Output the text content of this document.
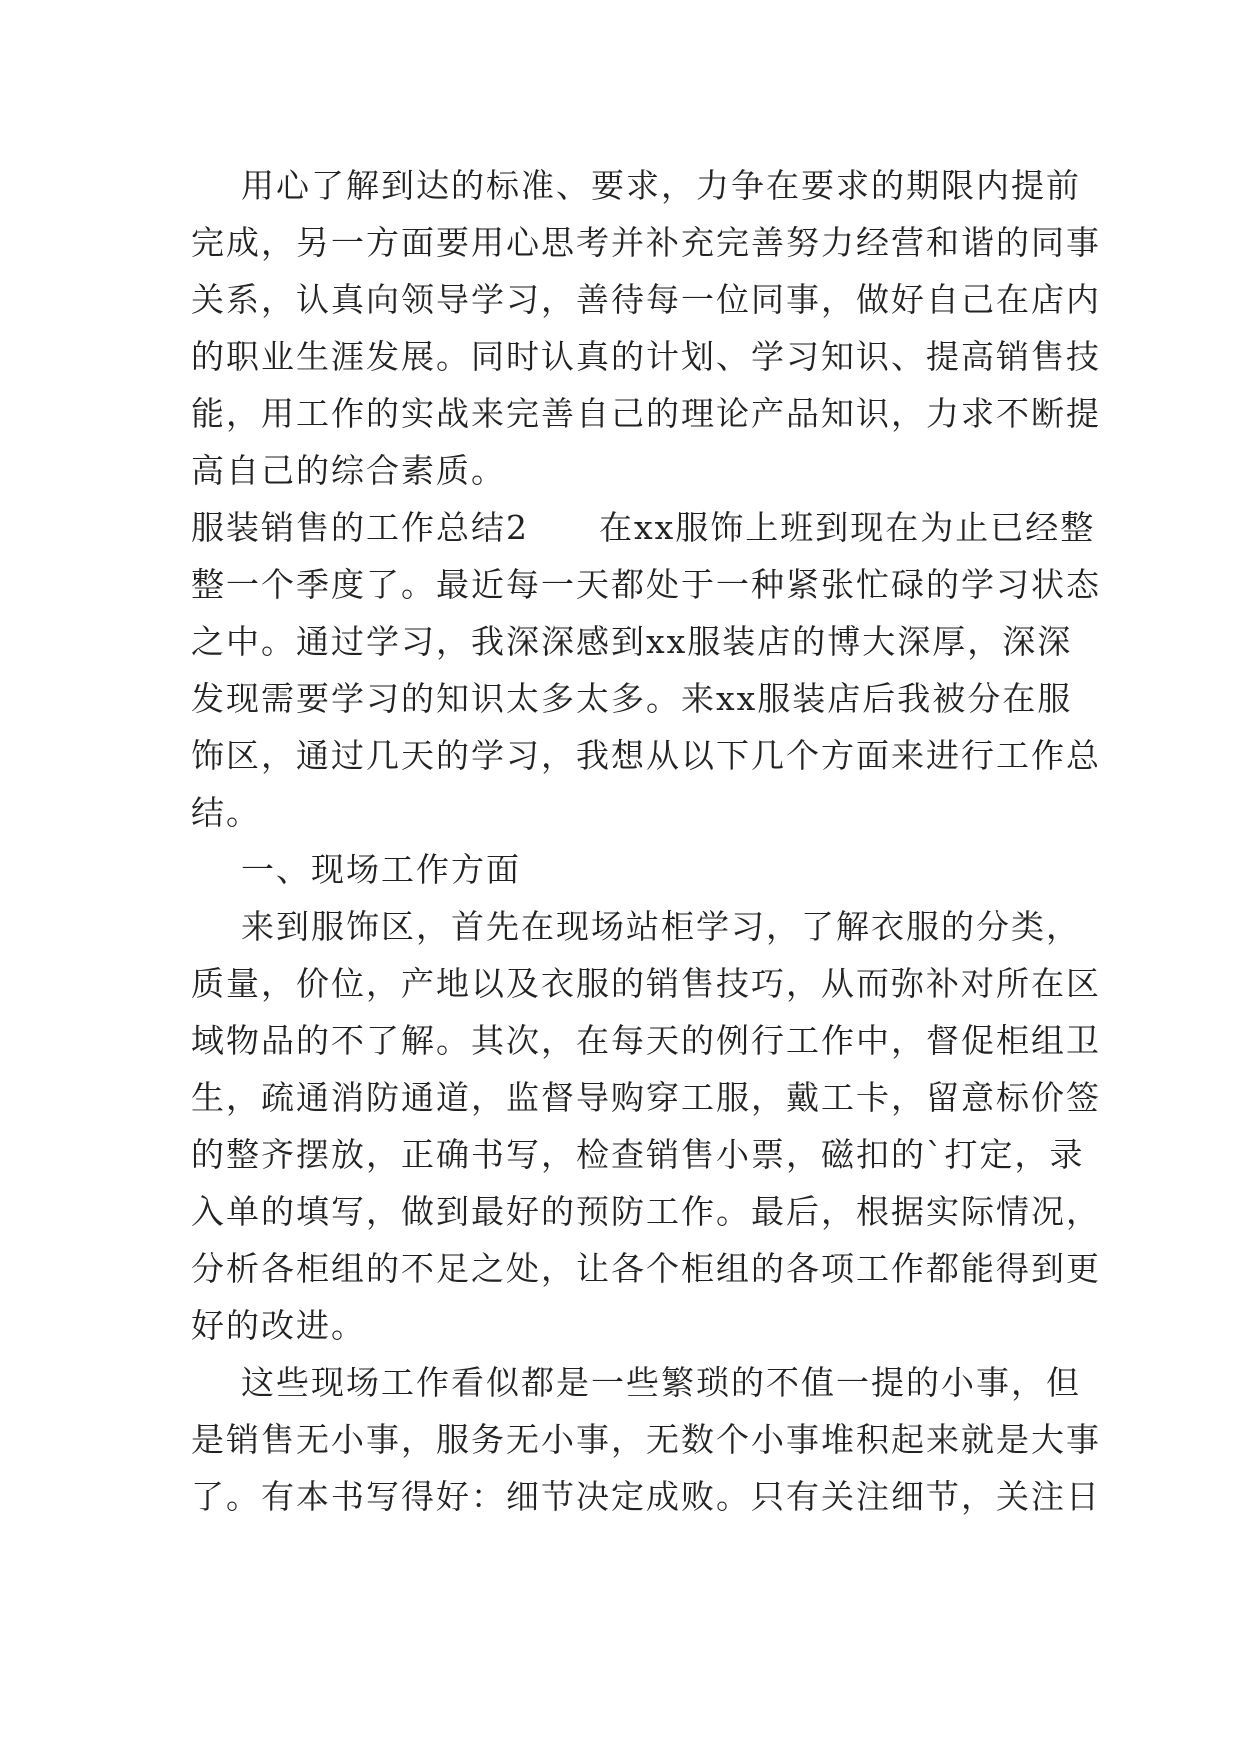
用心了解到达的标准、要求，力争在要求的期限内提前
完成，另一方面要用心思考并补充完善努力经营和谐的同事
关系，认真向领导学习，善待每一位同事，做好自己在店内
的职业生涯发展。同时认真的计划、学习知识、提高销售技
能，用工作的实战来完善自己的理论产品知识，力求不断提
高自己的综合素质。
服装销售的工作总结2　　在xx服饰上班到现在为止已经整
整一个季度了。最近每一天都处于一种紧张忙碌的学习状态
之中。通过学习，我深深感到xx服装店的博大深厚，深深
发现需要学习的知识太多太多。来xx服装店后我被分在服
饰区，通过几天的学习，我想从以下几个方面来进行工作总
结。
一、现场工作方面
来到服饰区，首先在现场站柜学习，了解衣服的分类，
质量，价位，产地以及衣服的销售技巧，从而弥补对所在区
域物品的不了解。其次，在每天的例行工作中，督促柜组卫
生，疏通消防通道，监督导购穿工服，戴工卡，留意标价签
的整齐摆放，正确书写，检查销售小票，磁扣的`打定，录
入单的填写，做到最好的预防工作。最后，根据实际情况，
分析各柜组的不足之处，让各个柜组的各项工作都能得到更
好的改进。
这些现场工作看似都是一些繁琐的不值一提的小事，但
是销售无小事，服务无小事，无数个小事堆积起来就是大事
了。有本书写得好：细节决定成败。只有关注细节，关注日
